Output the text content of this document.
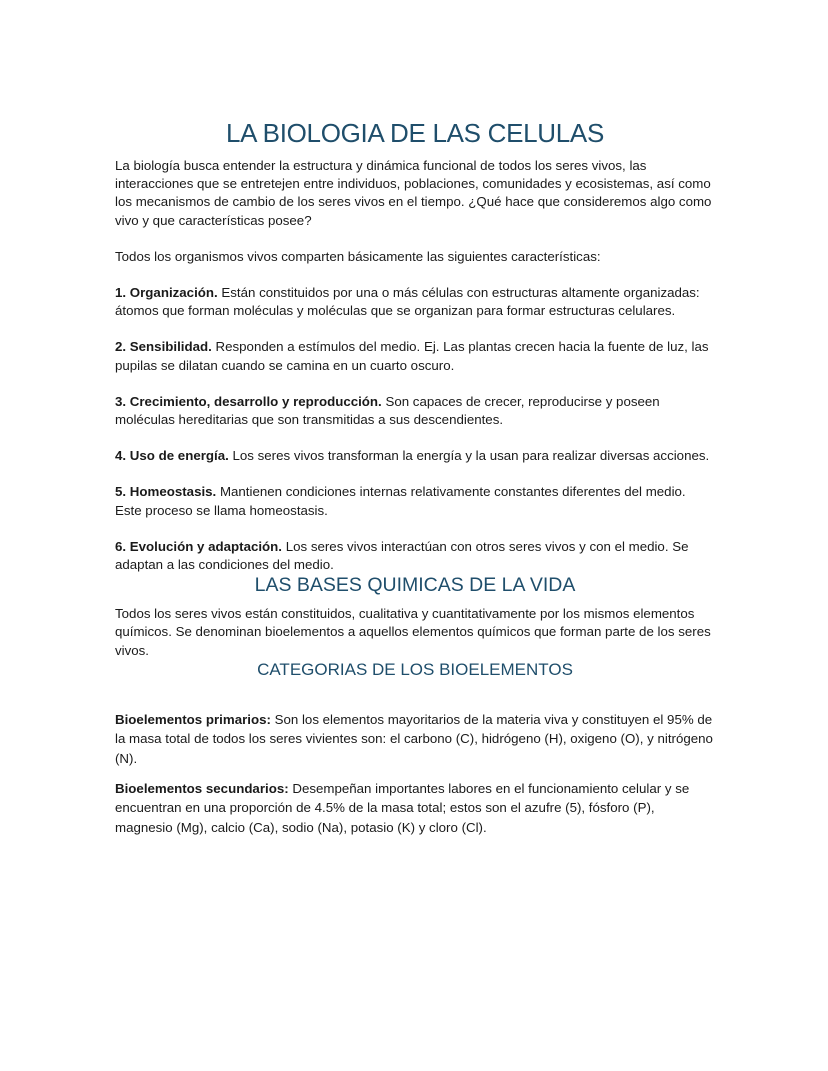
LA BIOLOGIA DE LAS CELULAS

La biología busca entender la estructura y dinámica funcional de todos los seres vivos, las interacciones que se entretejen entre individuos, poblaciones, comunidades y ecosistemas, así como los mecanismos de cambio de los seres vivos en el tiempo. ¿Qué hace que consideremos algo como vivo y que características posee?

Todos los organismos vivos comparten básicamente las siguientes características:

1. Organización. Están constituidos por una o más células con estructuras altamente organizadas: átomos que forman moléculas y moléculas que se organizan para formar estructuras celulares.

2. Sensibilidad. Responden a estímulos del medio. Ej. Las plantas crecen hacia la fuente de luz, las pupilas se dilatan cuando se camina en un cuarto oscuro.

3. Crecimiento, desarrollo y reproducción. Son capaces de crecer, reproducirse y poseen moléculas hereditarias que son transmitidas a sus descendientes.

4. Uso de energía. Los seres vivos transforman la energía y la usan para realizar diversas acciones.

5. Homeostasis. Mantienen condiciones internas relativamente constantes diferentes del medio. Este proceso se llama homeostasis.

6. Evolución y adaptación. Los seres vivos interactúan con otros seres vivos y con el medio. Se adaptan a las condiciones del medio.

LAS BASES QUIMICAS DE LA VIDA

Todos los seres vivos están constituidos, cualitativa y cuantitativamente por los mismos elementos químicos. Se denominan bioelementos a aquellos elementos químicos que forman parte de los seres vivos.

CATEGORIAS DE LOS BIOELEMENTOS

Bioelementos primarios: Son los elementos mayoritarios de la materia viva y constituyen el 95% de la masa total de todos los seres vivientes son: el carbono (C), hidrógeno (H), oxigeno (O), y nitrógeno (N).

Bioelementos secundarios: Desempeñan importantes labores en el funcionamiento celular y se encuentran en una proporción de 4.5% de la masa total; estos son el azufre (5), fósforo (P), magnesio (Mg), calcio (Ca), sodio (Na), potasio (K) y cloro (Cl).
